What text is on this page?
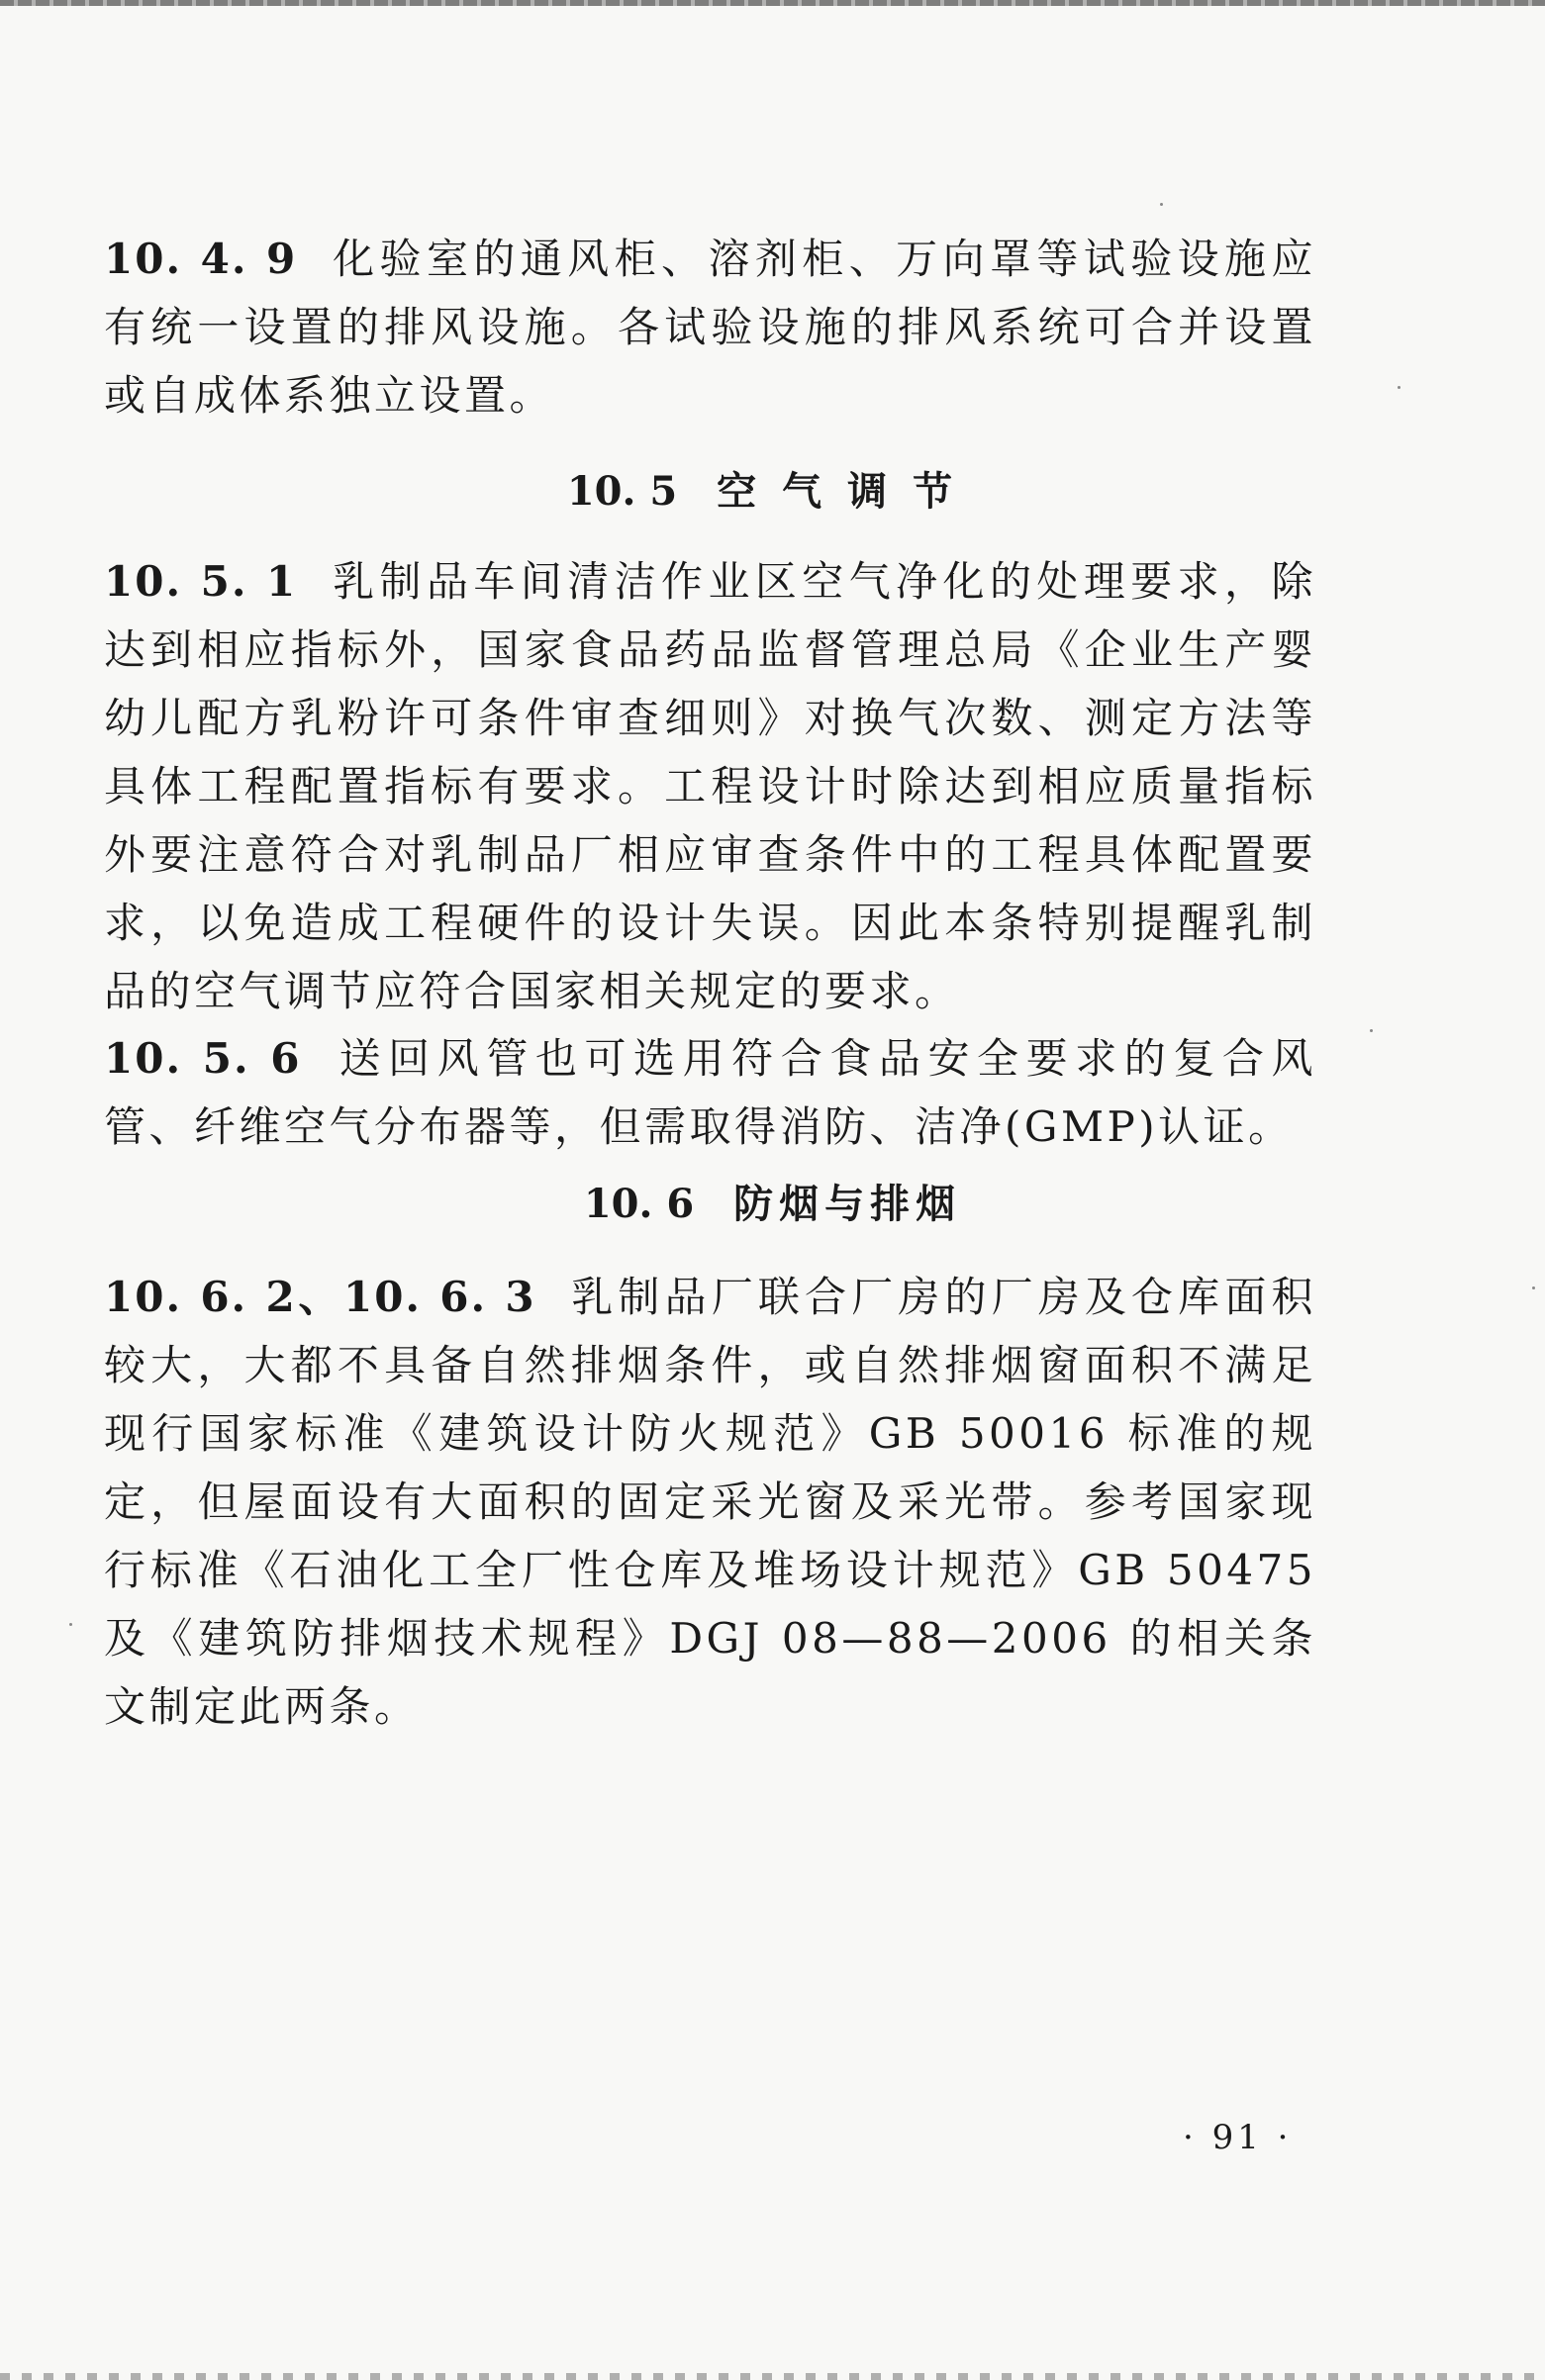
10. 4. 9 化验室的通风柜、溶剂柜、万向罩等试验设施应有统一设置的排风设施。各试验设施的排风系统可合并设置或自成体系独立设置。

10. 5 空气调节

10. 5. 1 乳制品车间清洁作业区空气净化的处理要求，除达到相应指标外，国家食品药品监督管理总局《企业生产婴幼儿配方乳粉许可条件审查细则》对换气次数、测定方法等具体工程配置指标有要求。工程设计时除达到相应质量指标外要注意符合对乳制品厂相应审查条件中的工程具体配置要求，以免造成工程硬件的设计失误。因此本条特别提醒乳制品的空气调节应符合国家相关规定的要求。

10. 5. 6 送回风管也可选用符合食品安全要求的复合风管、纤维空气分布器等，但需取得消防、洁净(GMP)认证。

10. 6 防烟与排烟

10. 6. 2、10. 6. 3 乳制品厂联合厂房的厂房及仓库面积较大，大都不具备自然排烟条件，或自然排烟窗面积不满足现行国家标准《建筑设计防火规范》GB 50016 标准的规定，但屋面设有大面积的固定采光窗及采光带。参考国家现行标准《石油化工全厂性仓库及堆场设计规范》GB 50475 及《建筑防排烟技术规程》DGJ 08—88—2006 的相关条文制定此两条。

· 91 ·
